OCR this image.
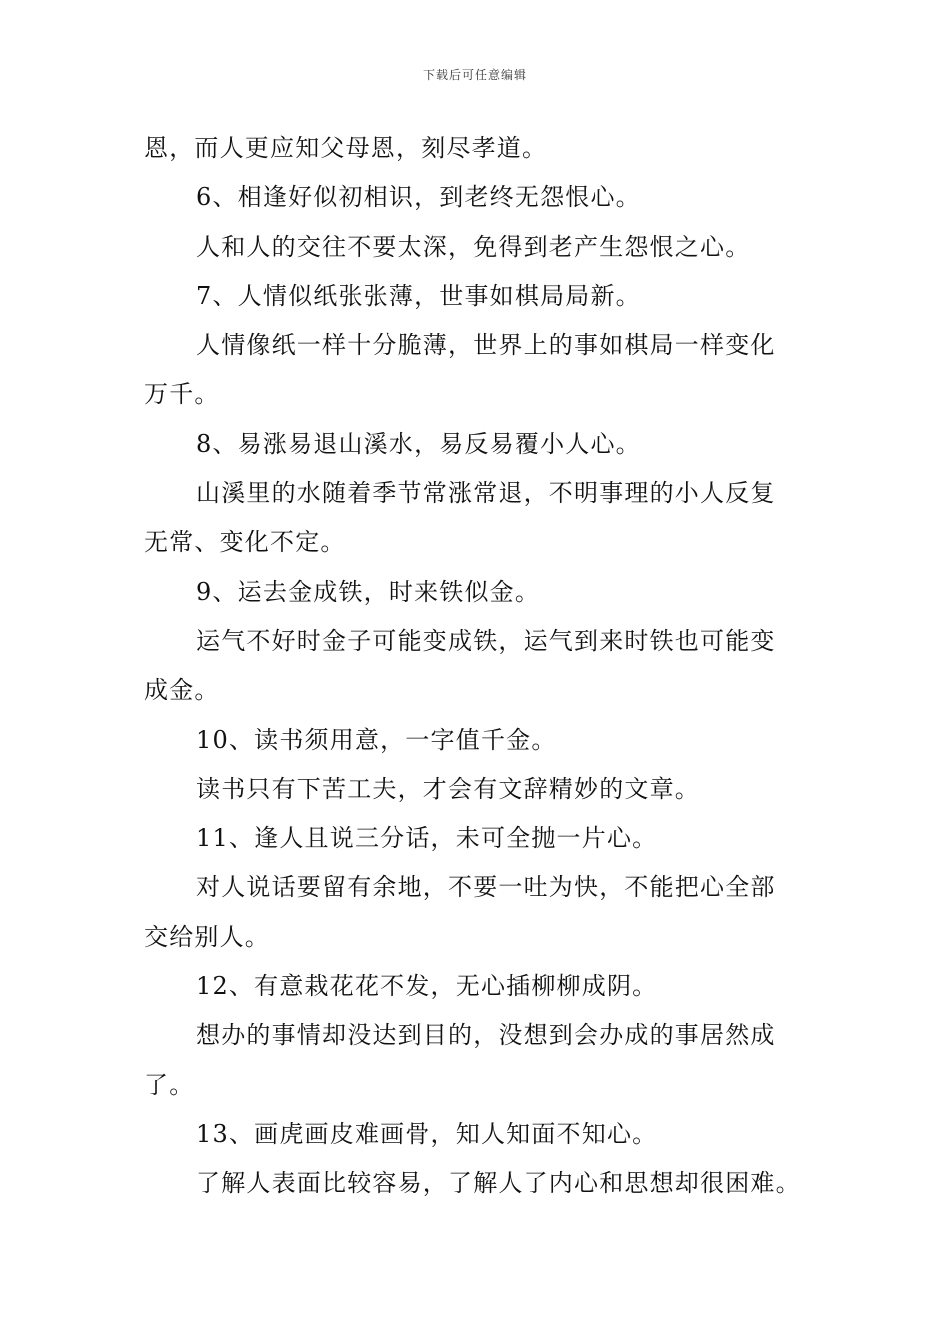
下载后可任意编辑
恩，而人更应知父母恩，刻尽孝道。
6、相逢好似初相识，到老终无怨恨心。
人和人的交往不要太深，免得到老产生怨恨之心。
7、人情似纸张张薄，世事如棋局局新。
人情像纸一样十分脆薄，世界上的事如棋局一样变化
万千。
8、易涨易退山溪水，易反易覆小人心。
山溪里的水随着季节常涨常退，不明事理的小人反复
无常、变化不定。
9、运去金成铁，时来铁似金。
运气不好时金子可能变成铁，运气到来时铁也可能变
成金。
10、读书须用意，一字值千金。
读书只有下苦工夫，才会有文辞精妙的文章。
11、逢人且说三分话，未可全抛一片心。
对人说话要留有余地，不要一吐为快，不能把心全部
交给别人。
12、有意栽花花不发，无心插柳柳成阴。
想办的事情却没达到目的，没想到会办成的事居然成
了。
13、画虎画皮难画骨，知人知面不知心。
了解人表面比较容易，了解人了内心和思想却很困难。
